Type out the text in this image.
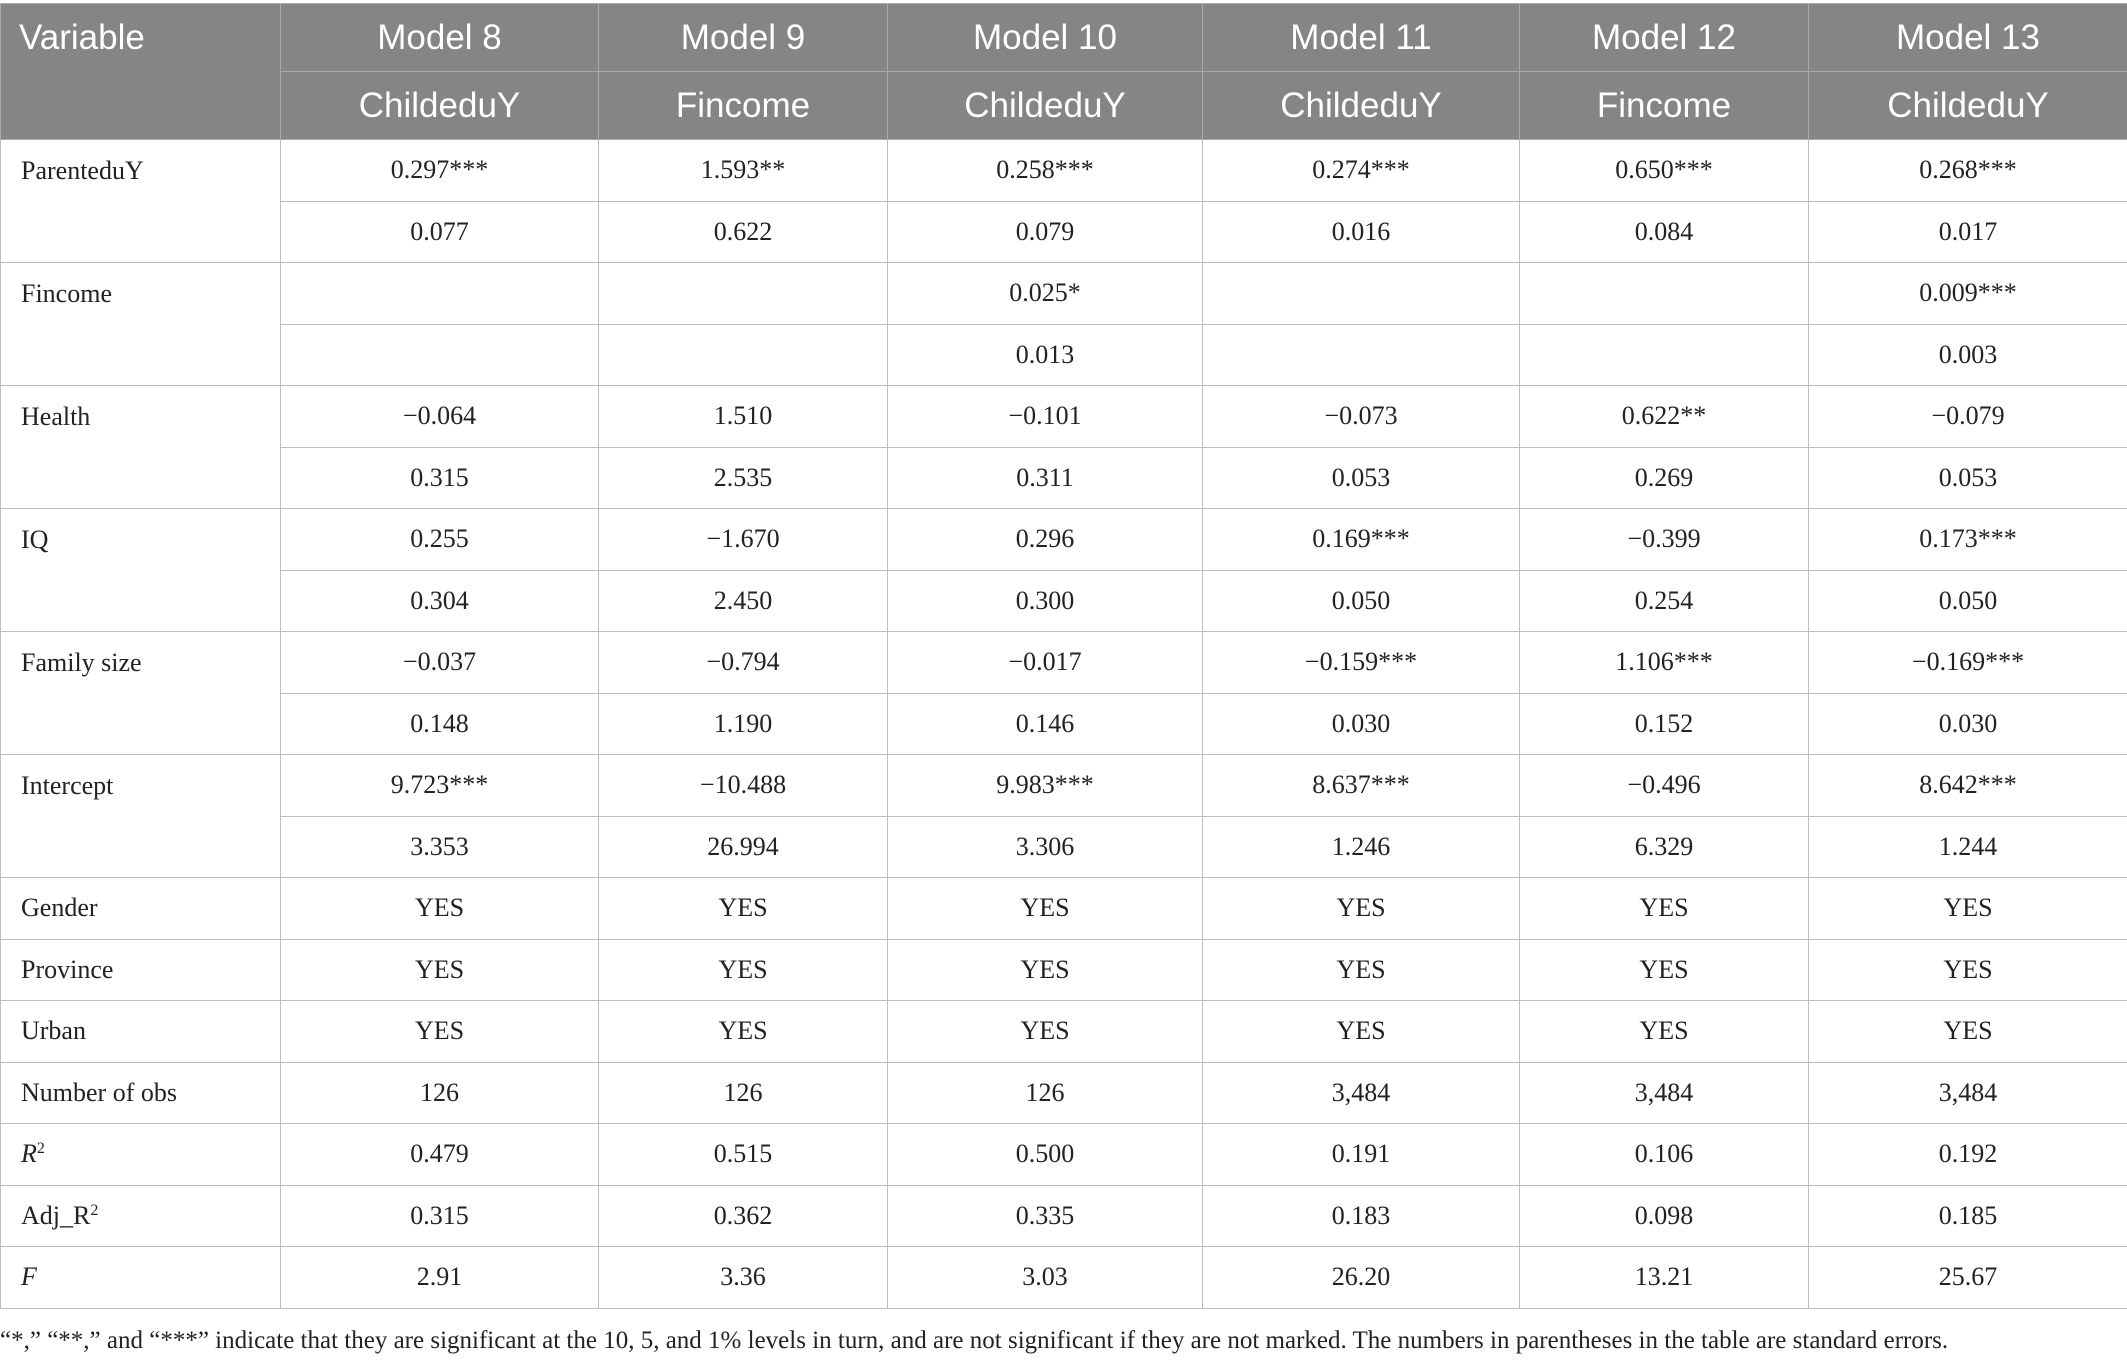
Variable	Model 8	Model 9	Model 10	Model 11	Model 12	Model 13
	ChildeduY	Fincome	ChildeduY	ChildeduY	Fincome	ChildeduY
ParenteduY	0.297***	1.593**	0.258***	0.274***	0.650***	0.268***
	0.077	0.622	0.079	0.016	0.084	0.017
Fincome			0.025*			0.009***
			0.013			0.003
Health	−0.064	1.510	−0.101	−0.073	0.622**	−0.079
	0.315	2.535	0.311	0.053	0.269	0.053
IQ	0.255	−1.670	0.296	0.169***	−0.399	0.173***
	0.304	2.450	0.300	0.050	0.254	0.050
Family size	−0.037	−0.794	−0.017	−0.159***	1.106***	−0.169***
	0.148	1.190	0.146	0.030	0.152	0.030
Intercept	9.723***	−10.488	9.983***	8.637***	−0.496	8.642***
	3.353	26.994	3.306	1.246	6.329	1.244
Gender	YES	YES	YES	YES	YES	YES
Province	YES	YES	YES	YES	YES	YES
Urban	YES	YES	YES	YES	YES	YES
Number of obs	126	126	126	3,484	3,484	3,484
$R^2$	0.479	0.515	0.500	0.191	0.106	0.192
$Adj\_R^2$	0.315	0.362	0.335	0.183	0.098	0.185
F	2.91	3.36	3.03	26.20	13.21	25.67
“*,” “**,” and “***” indicate that they are significant at the 10, 5, and 1% levels in turn, and are not significant if they are not marked. The numbers in parentheses in the table are standard errors.
